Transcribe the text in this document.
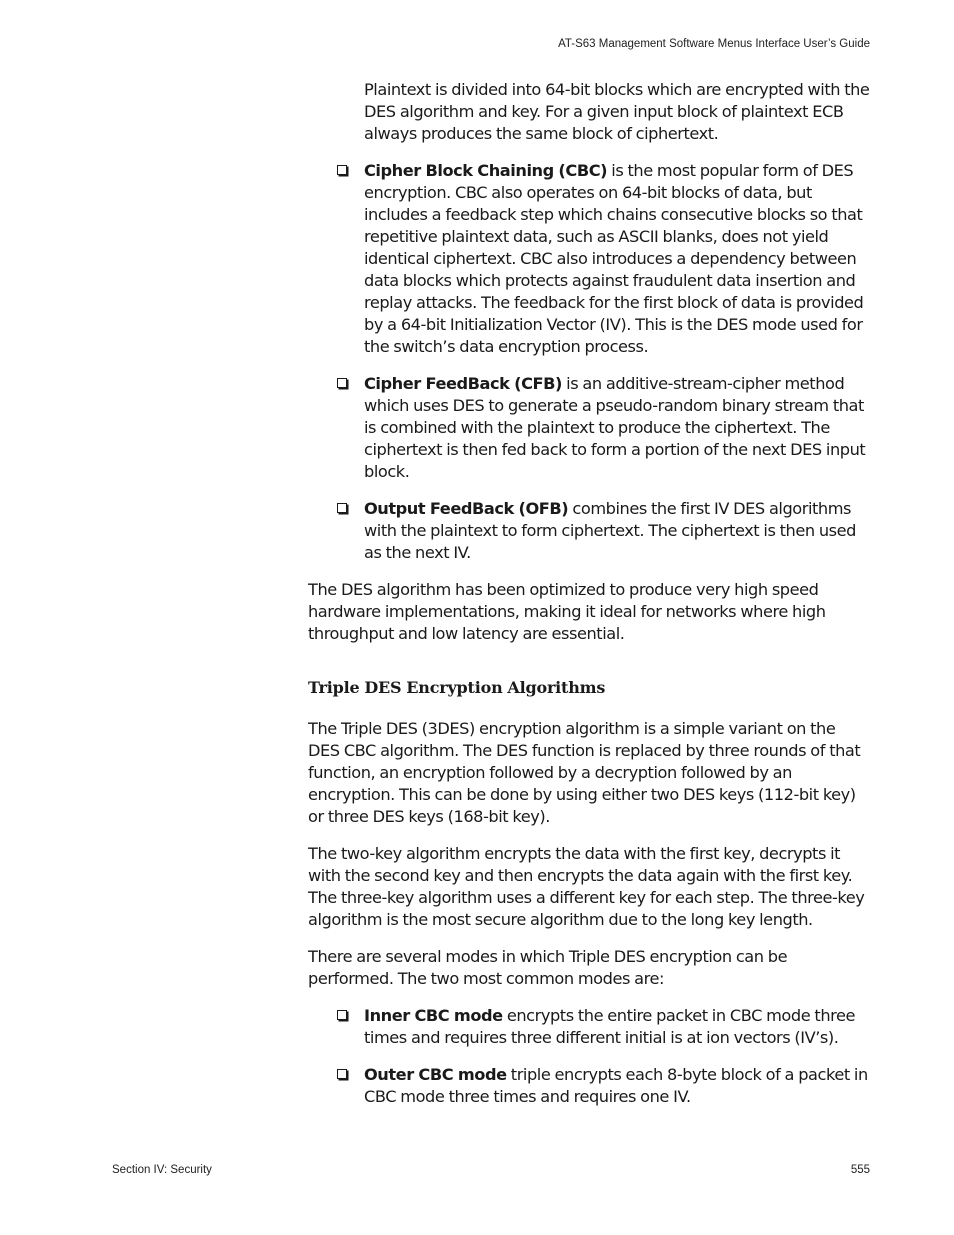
AT-S63 Management Software Menus Interface User’s Guide

Plaintext is divided into 64-bit blocks which are encrypted with the DES algorithm and key. For a given input block of plaintext ECB always produces the same block of ciphertext.

Cipher Block Chaining (CBC) is the most popular form of DES encryption. CBC also operates on 64-bit blocks of data, but includes a feedback step which chains consecutive blocks so that repetitive plaintext data, such as ASCII blanks, does not yield identical ciphertext. CBC also introduces a dependency between data blocks which protects against fraudulent data insertion and replay attacks. The feedback for the first block of data is provided by a 64-bit Initialization Vector (IV). This is the DES mode used for the switch’s data encryption process.
Cipher FeedBack (CFB) is an additive-stream-cipher method which uses DES to generate a pseudo-random binary stream that is combined with the plaintext to produce the ciphertext. The ciphertext is then fed back to form a portion of the next DES input block.
Output FeedBack (OFB) combines the first IV DES algorithms with the plaintext to form ciphertext. The ciphertext is then used as the next IV.

The DES algorithm has been optimized to produce very high speed hardware implementations, making it ideal for networks where high throughput and low latency are essential.

Triple DES Encryption Algorithms

The Triple DES (3DES) encryption algorithm is a simple variant on the DES CBC algorithm. The DES function is replaced by three rounds of that function, an encryption followed by a decryption followed by an encryption. This can be done by using either two DES keys (112-bit key) or three DES keys (168-bit key).

The two-key algorithm encrypts the data with the first key, decrypts it with the second key and then encrypts the data again with the first key. The three-key algorithm uses a different key for each step. The three-key algorithm is the most secure algorithm due to the long key length.

There are several modes in which Triple DES encryption can be performed. The two most common modes are:

Inner CBC mode encrypts the entire packet in CBC mode three times and requires three different initial is at ion vectors (IV’s).
Outer CBC mode triple encrypts each 8-byte block of a packet in CBC mode three times and requires one IV.
Section IV: Security	555
